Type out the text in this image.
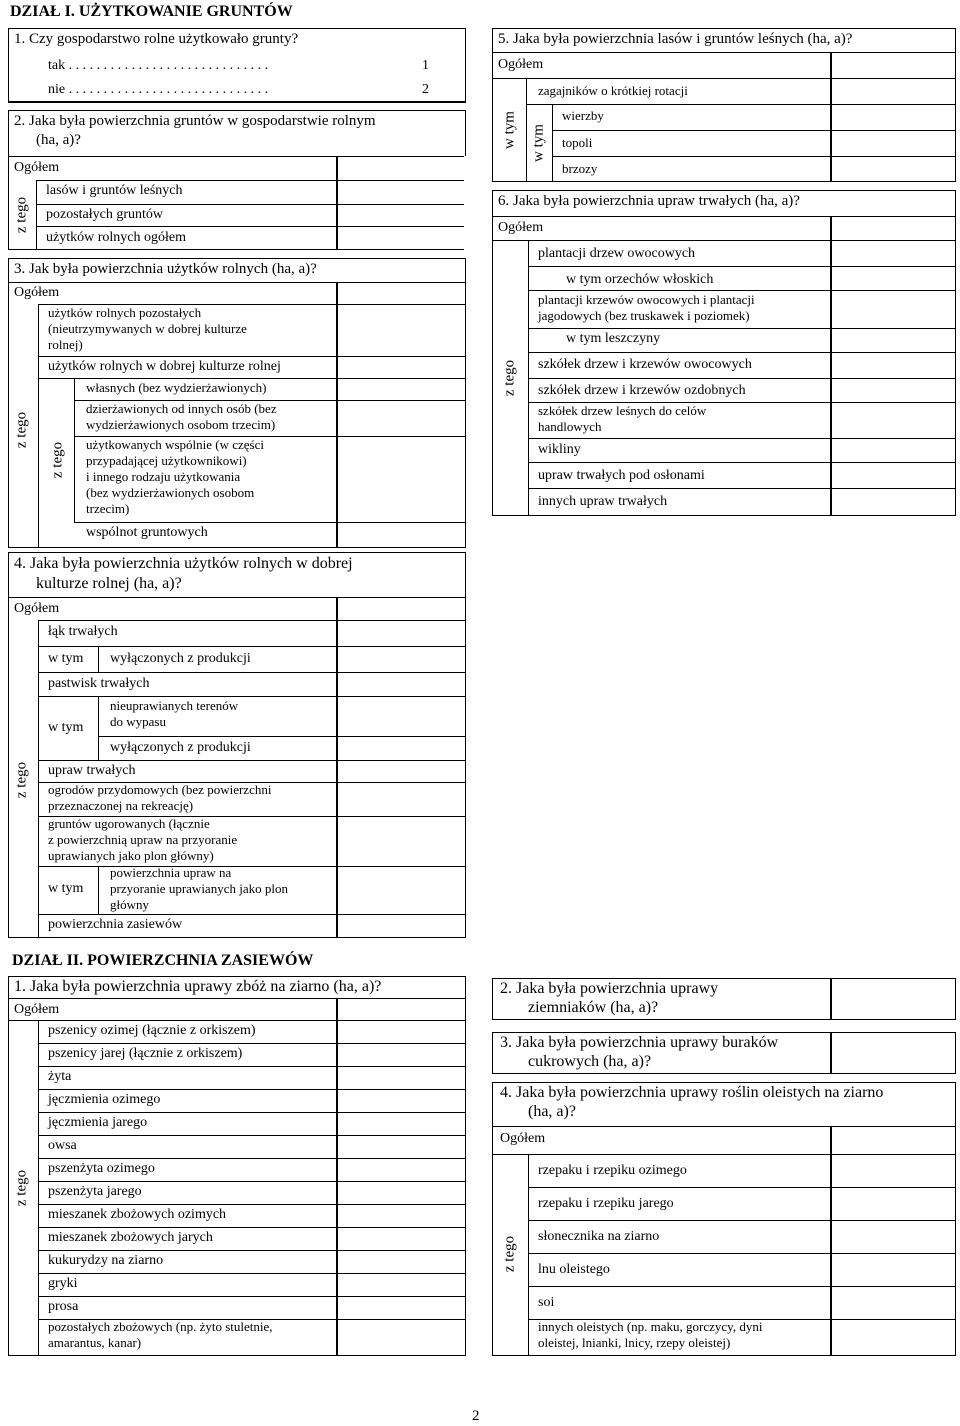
DZIAŁ I. UŻYTKOWANIE GRUNTÓW
1. Czy gospodarstwo rolne użytkowało grunty?
tak . . . . . . . . . . . . . . . . . . . . . . . . . . . . .	1
nie . . . . . . . . . . . . . . . . . . . . . . . . . . . . .	2
2. Jaka była powierzchnia gruntów w gospodarstwie rolnym
(ha, a)?
Ogółem
z tego
lasów i gruntów leśnych
pozostałych gruntów
użytków rolnych ogółem
3. Jak była powierzchnia użytków rolnych (ha, a)?
Ogółem
z tego
użytków rolnych pozostałych
(nieutrzymywanych w dobrej kulturze
rolnej)
użytków rolnych w dobrej kulturze rolnej
z tego
własnych (bez wydzierżawionych)
dzierżawionych od innych osób (bez
wydzierżawionych osobom trzecim)
użytkowanych wspólnie (w części
przypadającej użytkownikowi)
i innego rodzaju użytkowania
(bez wydzierżawionych osobom
trzecim)
wspólnot gruntowych
4. Jaka była powierzchnia użytków rolnych w dobrej
kulturze rolnej (ha, a)?
Ogółem
z tego
łąk trwałych
w tym wyłączonych z produkcji
pastwisk trwałych
w tym
nieuprawianych terenów
do wypasu
wyłączonych z produkcji
upraw trwałych
ogrodów przydomowych (bez powierzchni
przeznaczonej na rekreację)
gruntów ugorowanych (łącznie
z powierzchnią upraw na przyoranie
uprawianych jako plon główny)
w tym
powierzchnia upraw na
przyoranie uprawianych jako plon
główny
powierzchnia zasiewów
5. Jaka była powierzchnia lasów i gruntów leśnych (ha, a)?
Ogółem
w tym
zagajników o krótkiej rotacji
w tym
wierzby
topoli
brzozy
6. Jaka była powierzchnia upraw trwałych (ha, a)?
Ogółem
z tego
plantacji drzew owocowych
w tym orzechów włoskich
plantacji krzewów owocowych i plantacji
jagodowych (bez truskawek i poziomek)
w tym leszczyny
szkółek drzew i krzewów owocowych
szkółek drzew i krzewów ozdobnych
szkółek drzew leśnych do celów
handlowych
wikliny
upraw trwałych pod osłonami
innych upraw trwałych
DZIAŁ II. POWIERZCHNIA ZASIEWÓW
1. Jaka była powierzchnia uprawy zbóż na ziarno (ha, a)?
Ogółem
z tego
pszenicy ozimej (łącznie z orkiszem)
pszenicy jarej (łącznie z orkiszem)
żyta
jęczmienia ozimego
jęczmienia jarego
owsa
pszenżyta ozimego
pszenżyta jarego
mieszanek zbożowych ozimych
mieszanek zbożowych jarych
kukurydzy na ziarno
gryki
prosa
pozostałych zbożowych (np. żyto stuletnie,
amarantus, kanar)
2. Jaka była powierzchnia uprawy
ziemniaków (ha, a)?
3. Jaka była powierzchnia uprawy buraków
cukrowych (ha, a)?
4. Jaka była powierzchnia uprawy roślin oleistych na ziarno
(ha, a)?
Ogółem
z tego
rzepaku i rzepiku ozimego
rzepaku i rzepiku jarego
słonecznika na ziarno
lnu oleistego
soi
innych oleistych (np. maku, gorczycy, dyni
oleistej, lnianki, lnicy, rzepy oleistej)
2
